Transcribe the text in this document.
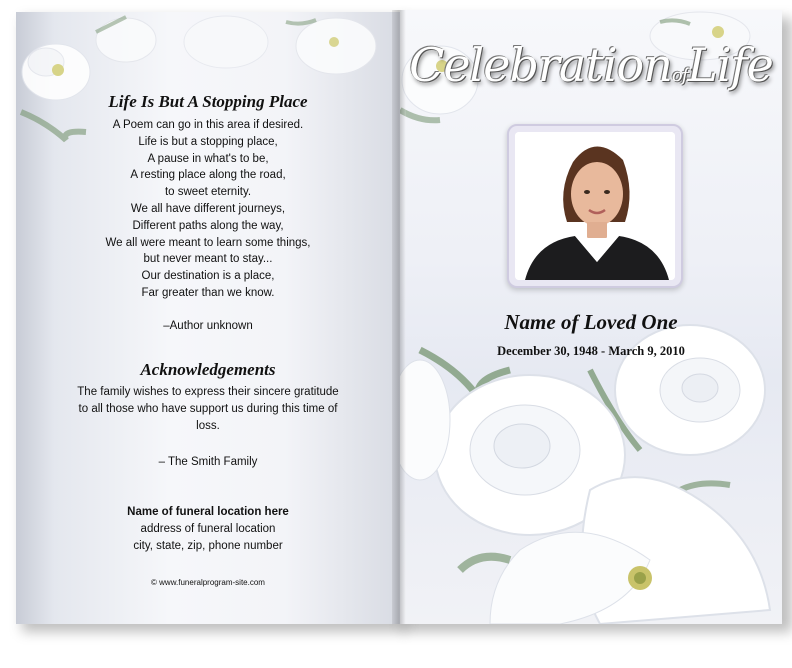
Life Is But A Stopping Place
A Poem can go in this area if desired.
Life is but a stopping place,
A pause in what's to be,
A resting place along the road,
to sweet eternity.
We all have different journeys,
Different paths along the way,
We all were meant to learn some things,
but never meant to stay...
Our destination is a place,
Far greater than we know.
–Author unknown
Acknowledgements
The family wishes to express their sincere gratitude
to all those who have support us during this time of
loss.
– The Smith Family
Name of funeral location here
address of funeral location
city, state, zip, phone number
© www.funeralprogram-site.com
CelebrationofLife
Name of Loved One
December 30, 1948 - March 9, 2010
